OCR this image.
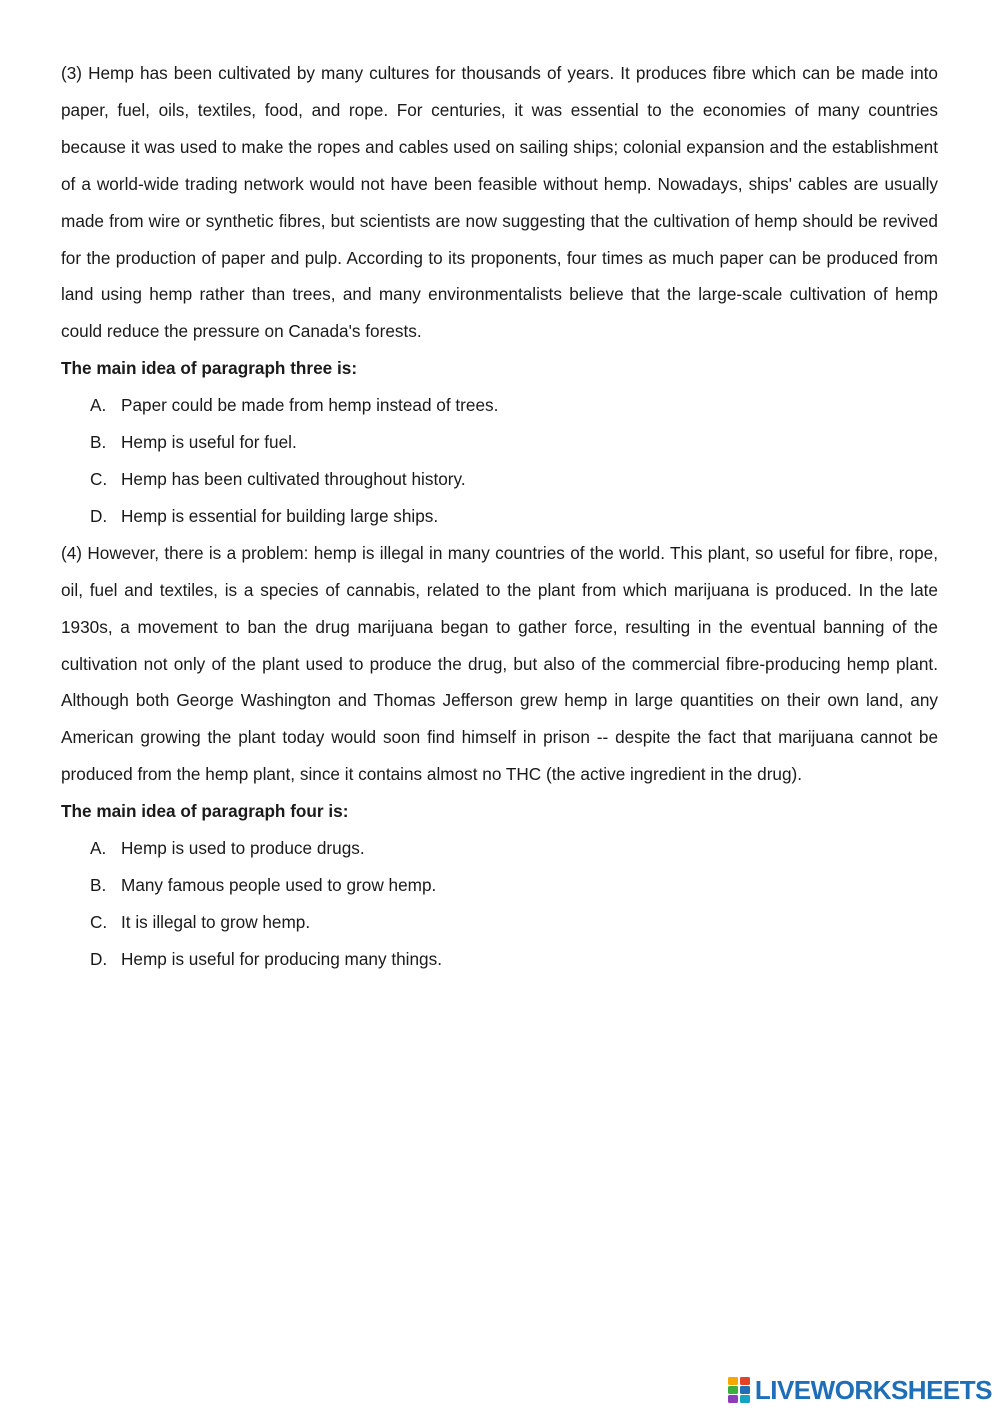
(3) Hemp has been cultivated by many cultures for thousands of years. It produces fibre which can be made into paper, fuel, oils, textiles, food, and rope. For centuries, it was essential to the economies of many countries because it was used to make the ropes and cables used on sailing ships; colonial expansion and the establishment of a world-wide trading network would not have been feasible without hemp. Nowadays, ships' cables are usually made from wire or synthetic fibres, but scientists are now suggesting that the cultivation of hemp should be revived for the production of paper and pulp. According to its proponents, four times as much paper can be produced from land using hemp rather than trees, and many environmentalists believe that the large-scale cultivation of hemp could reduce the pressure on Canada's forests.

The main idea of paragraph three is:

A. Paper could be made from hemp instead of trees.
B. Hemp is useful for fuel.
C. Hemp has been cultivated throughout history.
D. Hemp is essential for building large ships.

(4) However, there is a problem: hemp is illegal in many countries of the world. This plant, so useful for fibre, rope, oil, fuel and textiles, is a species of cannabis, related to the plant from which marijuana is produced. In the late 1930s, a movement to ban the drug marijuana began to gather force, resulting in the eventual banning of the cultivation not only of the plant used to produce the drug, but also of the commercial fibre-producing hemp plant. Although both George Washington and Thomas Jefferson grew hemp in large quantities on their own land, any American growing the plant today would soon find himself in prison -- despite the fact that marijuana cannot be produced from the hemp plant, since it contains almost no THC (the active ingredient in the drug).

The main idea of paragraph four is:

A. Hemp is used to produce drugs.
B. Many famous people used to grow hemp.
C. It is illegal to grow hemp.
D. Hemp is useful for producing many things.
LIVEWORKSHEETS
